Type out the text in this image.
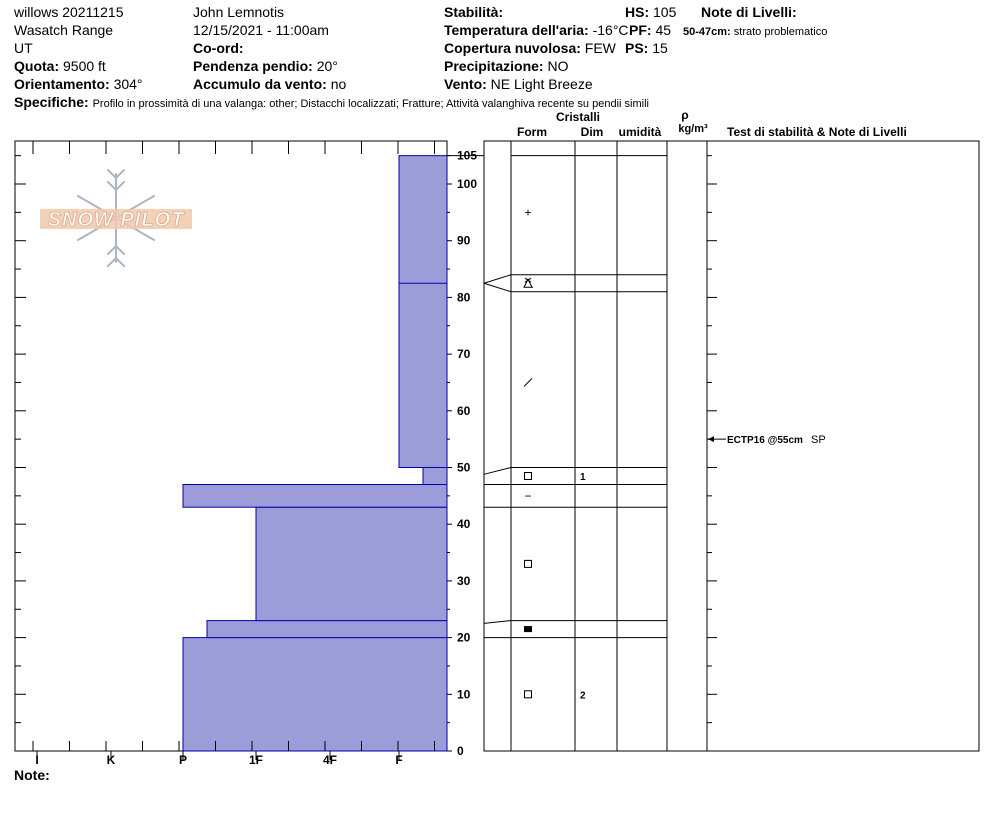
willows 20211215
Wasatch Range
UT
Quota: 9500 ft
Orientamento: 304°
John Lemnotis
12/15/2021 - 11:00am
Co-ord:
Pendenza pendio: 20°
Accumulo da vento: no
Stabilità:
Temperatura dell'aria: -16°C
Copertura nuvolosa: FEW
Precipitazione: NO
Vento: NE Light Breeze
HS: 105
PF: 45
PS: 15
Note di Livelli:
50-47cm: strato problematico
Specifiche: Profilo in prossimità di una valanga: other; Distacchi localizzati; Fratture; Attività valanghiva recente su pendii simili
Cristalli
Form	Dim	umidità
ρ
kg/m³	Test di stabilità & Note di Livelli
Note:
SNOW PILOT
I	K	P	1F	4F	F
0
10
20
30
40
50
60
70
80
90
100
105
+
1
−
2
ECTP16 @55cm SP
